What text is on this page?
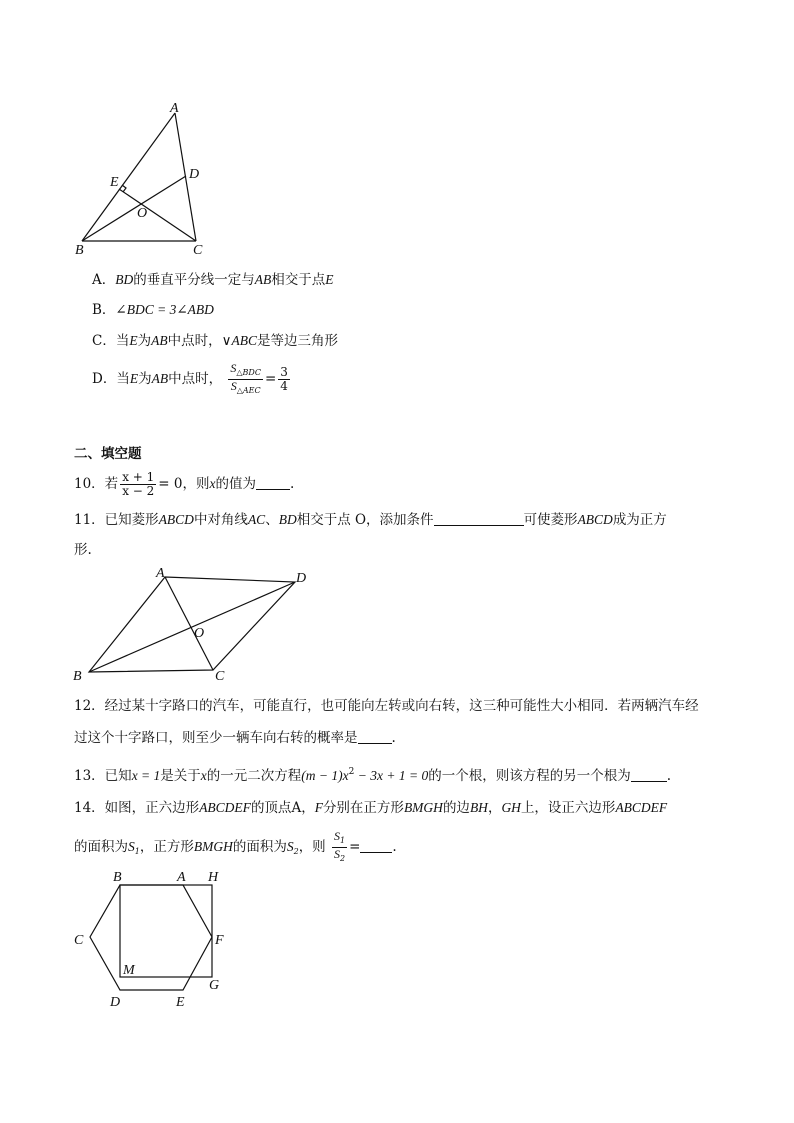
A
B	C
D
E
O
A．BD的垂直平分线一定与AB相交于点E
B．∠BDC = 3∠ABD
C．当E为AB中点时，∨ABC是等边三角形
D．当E为AB中点时， $\frac{S_{\triangle BDC}}{S_{\triangle AEC}} = \frac{3}{4}$
二、填空题
10．若 $\frac{x + 1}{x - 2} = 0$，则x的值为	.
11．已知菱形ABCD中对角线AC、BD相交于点 O，添加条件	可使菱形ABCD成为正方
形.
A	D
B	C
O
12．经过某十字路口的汽车，可能直行，也可能向左转或向右转，这三种可能性大小相同．若两辆汽车经
过这个十字路口，则至少一辆车向右转的概率是	.
13．已知x = 1是关于x的一元二次方程$(m - 1)x^2 - 3x + 1 = 0$的一个根，则该方程的另一个根为	.
14．如图，正六边形ABCDEF的顶点A，F分别在正方形BMGH的边BH，GH上，设正六边形ABCDEF
的面积为$S_1$，正方形BMGH的面积为$S_2$，则 $\frac{S_1}{S_2}$ = .
B	A H
C	F
M
G
D	E
